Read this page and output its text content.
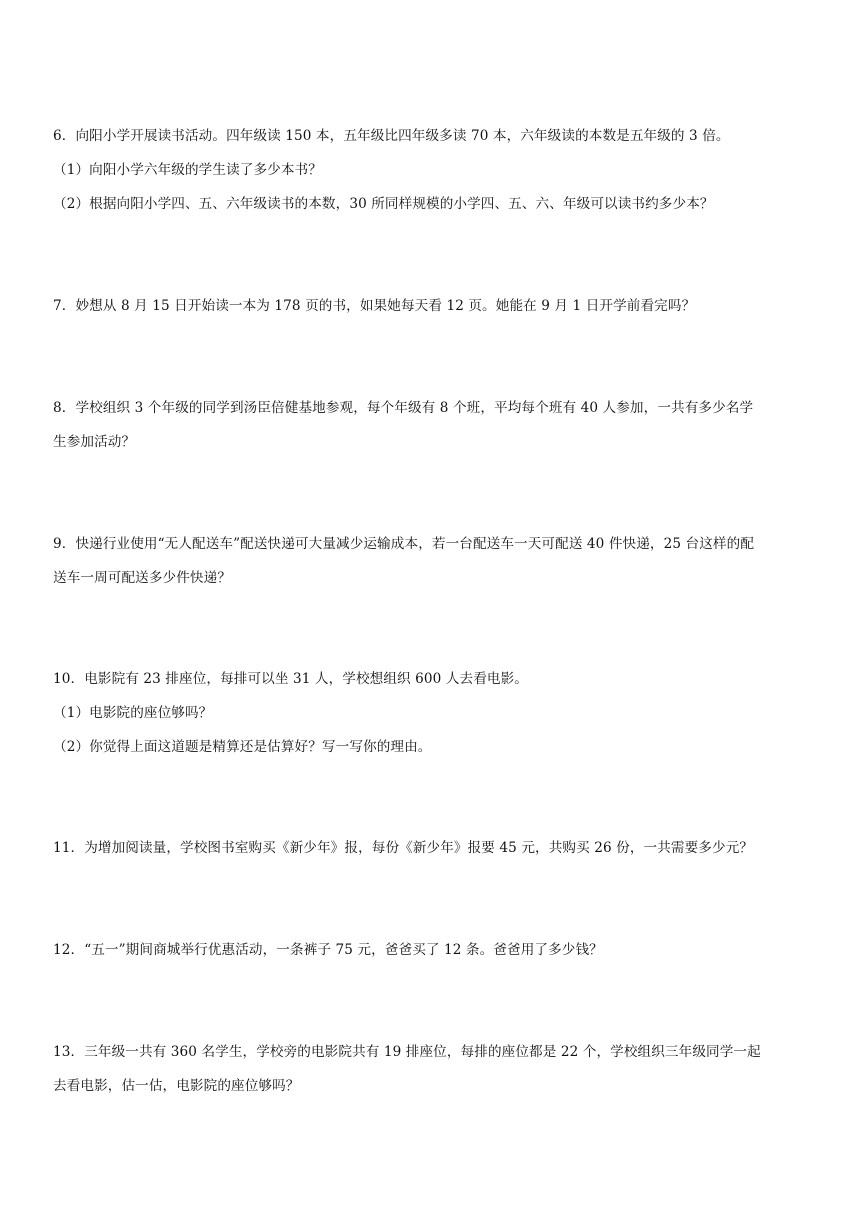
6．向阳小学开展读书活动。四年级读 150 本，五年级比四年级多读 70 本，六年级读的本数是五年级的 3 倍。
（1）向阳小学六年级的学生读了多少本书？
（2）根据向阳小学四、五、六年级读书的本数，30 所同样规模的小学四、五、六、年级可以读书约多少本？
7．妙想从 8 月 15 日开始读一本为 178 页的书，如果她每天看 12 页。她能在 9 月 1 日开学前看完吗？
8．学校组织 3 个年级的同学到汤臣倍健基地参观，每个年级有 8 个班，平均每个班有 40 人参加，一共有多少名学
生参加活动？
9．快递行业使用“无人配送车”配送快递可大量减少运输成本，若一台配送车一天可配送 40 件快递，25 台这样的配
送车一周可配送多少件快递？
10．电影院有 23 排座位，每排可以坐 31 人，学校想组织 600 人去看电影。
（1）电影院的座位够吗？
（2）你觉得上面这道题是精算还是估算好？写一写你的理由。
11．为增加阅读量，学校图书室购买《新少年》报，每份《新少年》报要 45 元，共购买 26 份，一共需要多少元？
12．“五一”期间商城举行优惠活动，一条裤子 75 元，爸爸买了 12 条。爸爸用了多少钱？
13．三年级一共有 360 名学生，学校旁的电影院共有 19 排座位，每排的座位都是 22 个，学校组织三年级同学一起
去看电影，估一估，电影院的座位够吗？
